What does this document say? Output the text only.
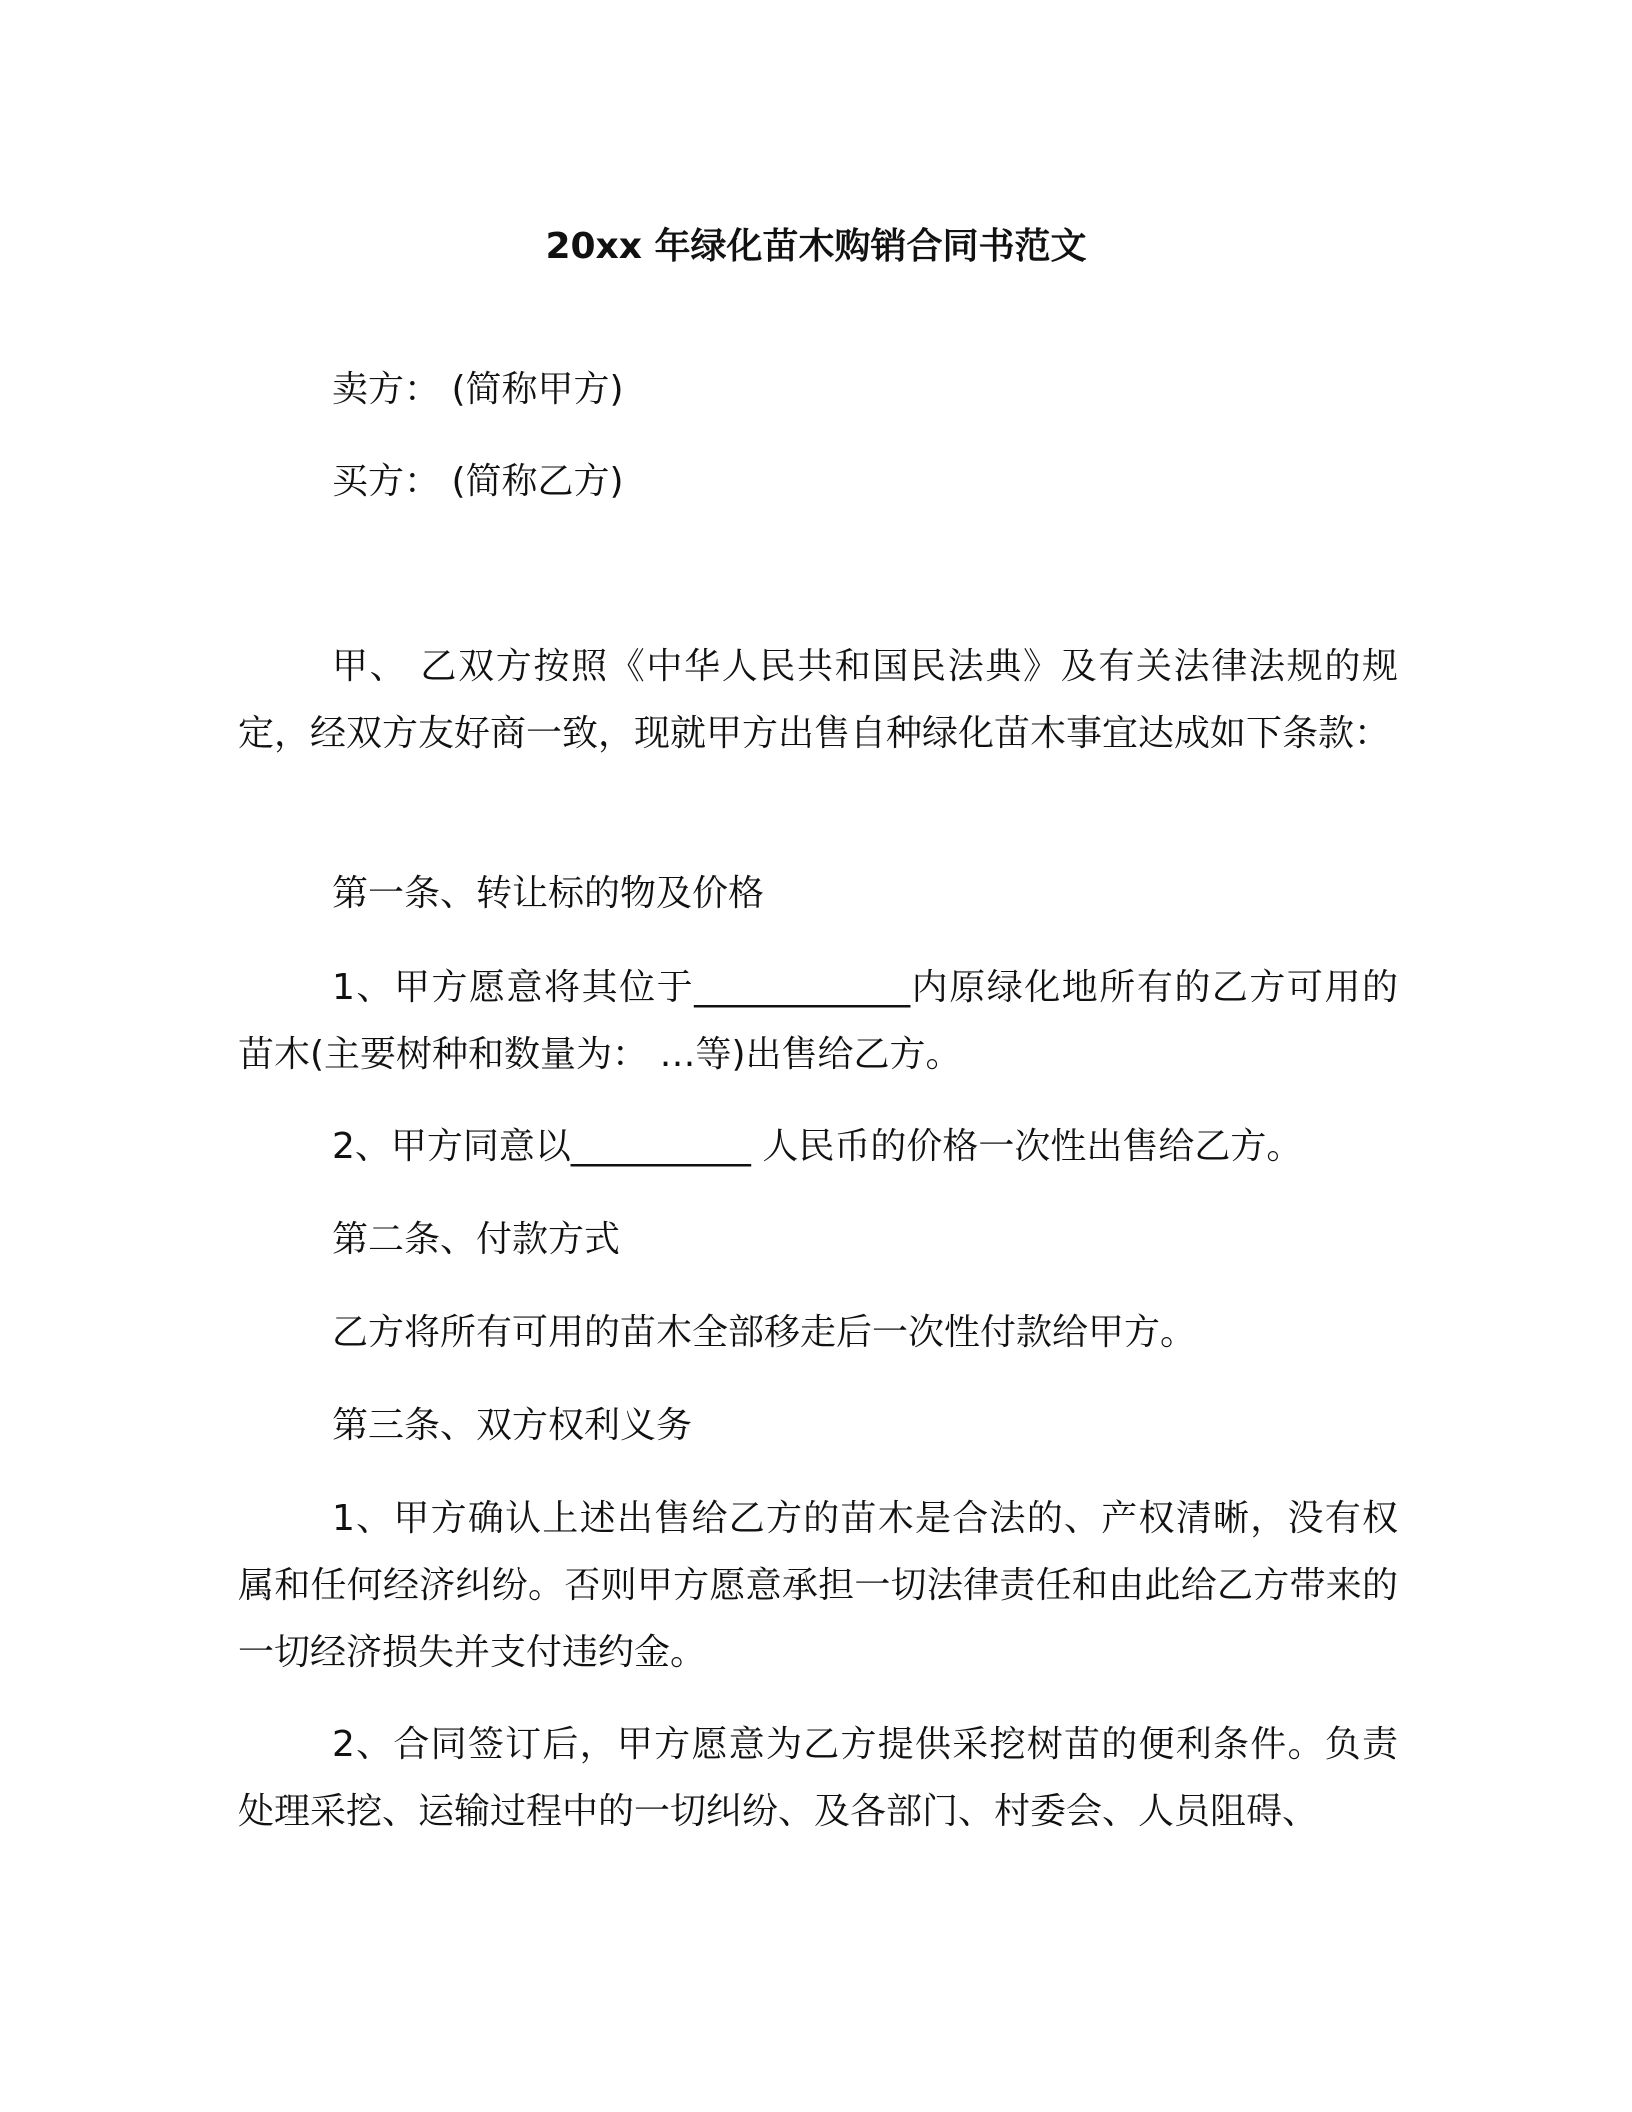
20xx 年绿化苗木购销合同书范文
卖方： (简称甲方)
买方： (简称乙方)
甲、 乙双方按照《中华人民共和国民法典》及有关法律法规的规定，经双方友好商一致，现就甲方出售自种绿化苗木事宜达成如下条款：
第一条、转让标的物及价格
1、甲方愿意将其位于____________内原绿化地所有的乙方可用的苗木(主要树种和数量为： …等)出售给乙方。
2、甲方同意以__________ 人民币的价格一次性出售给乙方。
第二条、付款方式
乙方将所有可用的苗木全部移走后一次性付款给甲方。
第三条、双方权利义务
1、甲方确认上述出售给乙方的苗木是合法的、产权清晰，没有权属和任何经济纠纷。否则甲方愿意承担一切法律责任和由此给乙方带来的一切经济损失并支付违约金。
2、合同签订后，甲方愿意为乙方提供采挖树苗的便利条件。负责处理采挖、运输过程中的一切纠纷、及各部门、村委会、人员阻碍、
